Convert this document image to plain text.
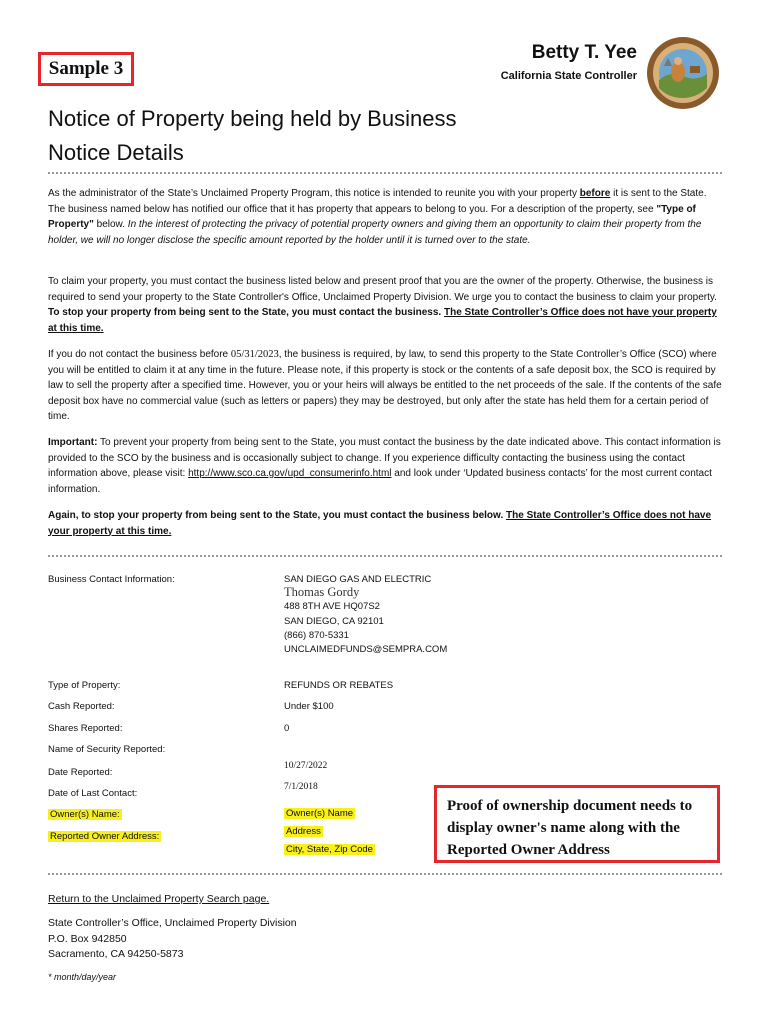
Sample 3
Betty T. Yee
California State Controller
Notice of Property being held by Business
Notice Details
As the administrator of the State’s Unclaimed Property Program, this notice is intended to reunite you with your property before it is sent to the State. The business named below has notified our office that it has property that appears to belong to you. For a description of the property, see "Type of Property" below. In the interest of protecting the privacy of potential property owners and giving them an opportunity to claim their property from the holder, we will no longer disclose the specific amount reported by the holder until it is turned over to the state.
To claim your property, you must contact the business listed below and present proof that you are the owner of the property. Otherwise, the business is required to send your property to the State Controller's Office, Unclaimed Property Division. We urge you to contact the business to claim your property. To stop your property from being sent to the State, you must contact the business. The State Controller’s Office does not have your property at this time.
If you do not contact the business before 05/31/2023, the business is required, by law, to send this property to the State Controller’s Office (SCO) where you will be entitled to claim it at any time in the future. Please note, if this property is stock or the contents of a safe deposit box, the SCO is required by law to sell the property after a specified time. However, you or your heirs will always be entitled to the net proceeds of the sale. If the contents of the safe deposit box have no commercial value (such as letters or papers) they may be destroyed, but only after the state has held them for a certain period of time.
Important: To prevent your property from being sent to the State, you must contact the business by the date indicated above. This contact information is provided to the SCO by the business and is occasionally subject to change. If you experience difficulty contacting the business using the contact information above, please visit: http://www.sco.ca.gov/upd_consumerinfo.html and look under ‘Updated business contacts’ for the most current contact information.
Again, to stop your property from being sent to the State, you must contact the business below. The State Controller’s Office does not have your property at this time.
Business Contact Information:	SAN DIEGO GAS AND ELECTRIC
Thomas Gordy
488 8TH AVE HQ07S2
SAN DIEGO, CA 92101
(866) 870-5331
UNCLAIMEDFUNDS@SEMPRA.COM
Type of Property:	REFUNDS OR REBATES
Cash Reported:	Under $100
Shares Reported:	0
Name of Security Reported:
Date Reported:
10/27/2022
Date of Last Contact:
7/1/2018
Owner(s) Name:	Owner(s) Name
Reported Owner Address:	Address
City, State, Zip Code
Proof of ownership document needs to display owner's name along with the Reported Owner Address
Return to the Unclaimed Property Search page.
State Controller’s Office, Unclaimed Property Division
P.O. Box 942850
Sacramento, CA 94250-5873
* month/day/year
